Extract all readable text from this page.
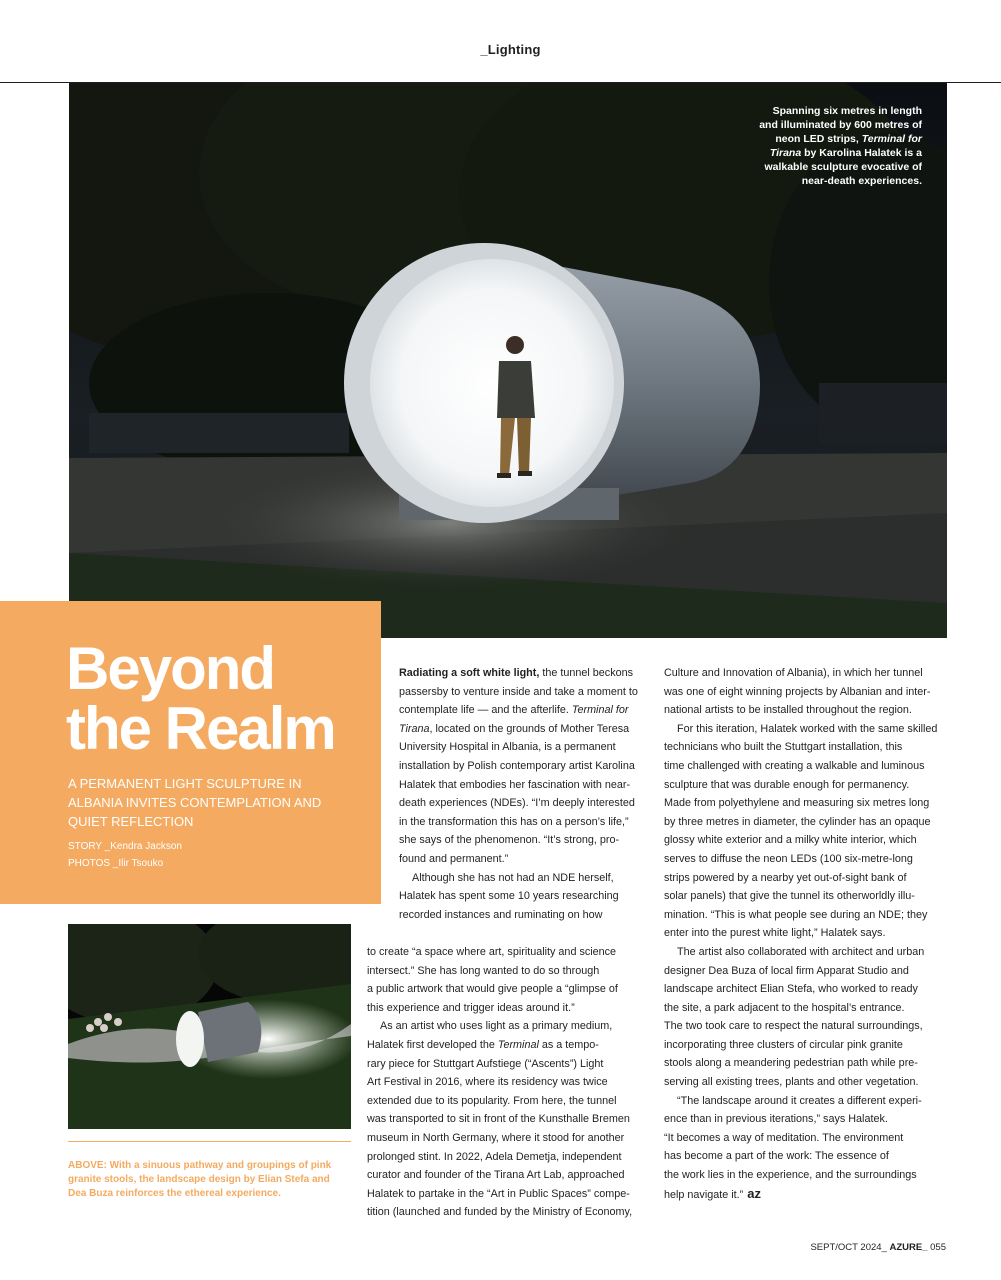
_Lighting
Spanning six metres in length and illuminated by 600 metres of neon LED strips, Terminal for Tirana by Karolina Halatek is a walkable sculpture evocative of near-death experiences.
Beyond
the Realm
A PERMANENT LIGHT SCULPTURE IN ALBANIA INVITES CONTEMPLATION AND QUIET REFLECTION
STORY _Kendra Jackson
PHOTOS _Ilir Tsouko
ABOVE: With a sinuous pathway and groupings of pink granite stools, the landscape design by Elian Stefa and Dea Buza reinforces the ethereal experience.
Radiating a soft white light, the tunnel beckons
passersby to venture inside and take a moment to
contemplate life — and the afterlife. Terminal for
Tirana, located on the grounds of Mother Teresa
University Hospital in Albania, is a permanent
installation by Polish contemporary artist Karolina
Halatek that embodies her fascination with near-
death experiences (NDEs). “I’m deeply interested
in the transformation this has on a person’s life,”
she says of the phenomenon. “It’s strong, pro-
found and permanent.”
Although she has not had an NDE herself,
Halatek has spent some 10 years researching
recorded instances and ruminating on how
to create “a space where art, spirituality and science
intersect.” She has long wanted to do so through
a public artwork that would give people a “glimpse of
this experience and trigger ideas around it.”
As an artist who uses light as a primary medium,
Halatek first developed the Terminal as a tempo-
rary piece for Stuttgart Aufstiege (“Ascents”) Light
Art Festival in 2016, where its residency was twice
extended due to its popularity. From here, the tunnel
was transported to sit in front of the Kunsthalle Bremen
museum in North Germany, where it stood for another
prolonged stint. In 2022, Adela Demetja, independent
curator and founder of the Tirana Art Lab, approached
Halatek to partake in the “Art in Public Spaces” compe-
tition (launched and funded by the Ministry of Economy,
Culture and Innovation of Albania), in which her tunnel
was one of eight winning projects by Albanian and inter-
national artists to be installed throughout the region.
For this iteration, Halatek worked with the same skilled
technicians who built the Stuttgart installation, this
time challenged with creating a walkable and luminous
sculpture that was durable enough for permanency.
Made from polyethylene and measuring six metres long
by three metres in diameter, the cylinder has an opaque
glossy white exterior and a milky white interior, which
serves to diffuse the neon LEDs (100 six-metre-long
strips powered by a nearby yet out-of-sight bank of
solar panels) that give the tunnel its otherworldly illu-
mination. “This is what people see during an NDE; they
enter into the purest white light,” Halatek says.
The artist also collaborated with architect and urban
designer Dea Buza of local firm Apparat Studio and
landscape architect Elian Stefa, who worked to ready
the site, a park adjacent to the hospital’s entrance.
The two took care to respect the natural surroundings,
incorporating three clusters of circular pink granite
stools along a meandering pedestrian path while pre-
serving all existing trees, plants and other vegetation.
“The landscape around it creates a different experi-
ence than in previous iterations,” says Halatek.
“It becomes a way of meditation. The environment
has become a part of the work: The essence of
the work lies in the experience, and the surroundings
help navigate it.” az
SEPT/OCT 2024_ AZURE_ 055
